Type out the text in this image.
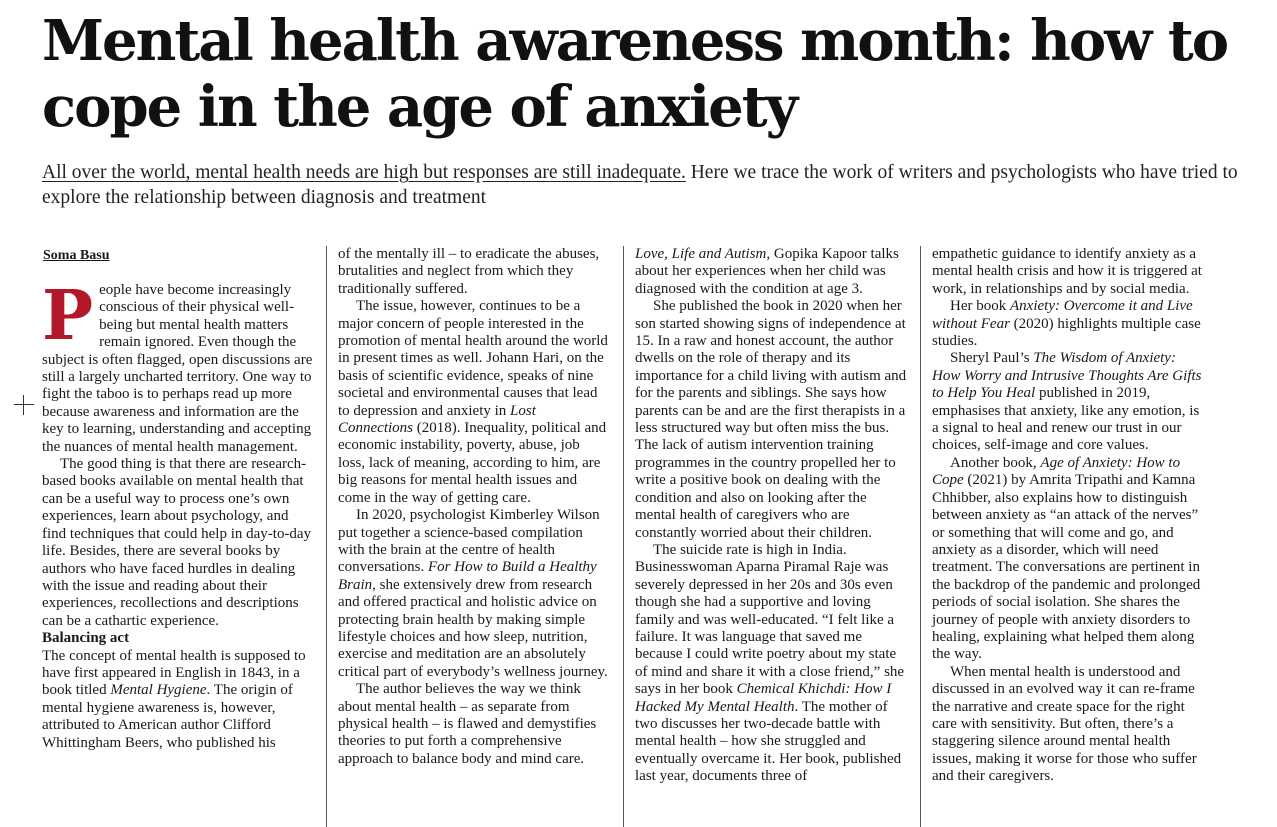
Mental health awareness month: how to cope in the age of anxiety

All over the world, mental health needs are high but responses are still inadequate. Here we trace the work of writers and psychologists who have tried to explore the relationship between diagnosis and treatment

Soma Basu

People have become increasingly conscious of their physical well-being but mental health matters remain ignored. Even though the subject is often flagged, open discussions are still a largely uncharted territory. One way to fight the taboo is to perhaps read up more because awareness and information are the key to learning, understanding and accepting the nuances of mental health management.

The good thing is that there are research-based books available on mental health that can be a useful way to process one’s own experiences, learn about psychology, and find techniques that could help in day-to-day life. Besides, there are several books by authors who have faced hurdles in dealing with the issue and reading about their experiences, recollections and descriptions can be a cathartic experience.

Balancing act

The concept of mental health is supposed to have first appeared in English in 1843, in a book titled Mental Hygiene. The origin of mental hygiene awareness is, however, attributed to American author Clifford Whittingham Beers, who published his

of the mentally ill – to eradicate the abuses, brutalities and neglect from which they traditionally suffered.

The issue, however, continues to be a major concern of people interested in the promotion of mental health around the world in present times as well. Johann Hari, on the basis of scientific evidence, speaks of nine societal and environmental causes that lead to depression and anxiety in Lost Connections (2018). Inequality, political and economic instability, poverty, abuse, job loss, lack of meaning, according to him, are big reasons for mental health issues and come in the way of getting care.

In 2020, psychologist Kimberley Wilson put together a science-based compilation with the brain at the centre of health conversations. For How to Build a Healthy Brain, she extensively drew from research and offered practical and holistic advice on protecting brain health by making simple lifestyle choices and how sleep, nutrition, exercise and meditation are an absolutely critical part of everybody’s wellness journey.

The author believes the way we think about mental health – as separate from physical health – is flawed and demystifies theories to put forth a comprehensive approach to balance body and mind care.

Love, Life and Autism, Gopika Kapoor talks about her experiences when her child was diagnosed with the condition at age 3.

She published the book in 2020 when her son started showing signs of independence at 15. In a raw and honest account, the author dwells on the role of therapy and its importance for a child living with autism and for the parents and siblings. She says how parents can be and are the first therapists in a less structured way but often miss the bus. The lack of autism intervention training programmes in the country propelled her to write a positive book on dealing with the condition and also on looking after the mental health of caregivers who are constantly worried about their children.

The suicide rate is high in India. Businesswoman Aparna Piramal Raje was severely depressed in her 20s and 30s even though she had a supportive and loving family and was well-educated. “I felt like a failure. It was language that saved me because I could write poetry about my state of mind and share it with a close friend,” she says in her book Chemical Khichdi: How I Hacked My Mental Health. The mother of two discusses her two-decade battle with mental health – how she struggled and eventually overcame it. Her book, published last year, documents three of

empathetic guidance to identify anxiety as a mental health crisis and how it is triggered at work, in relationships and by social media.

Her book Anxiety: Overcome it and Live without Fear (2020) highlights multiple case studies.

Sheryl Paul’s The Wisdom of Anxiety: How Worry and Intrusive Thoughts Are Gifts to Help You Heal published in 2019, emphasises that anxiety, like any emotion, is a signal to heal and renew our trust in our choices, self-image and core values.

Another book, Age of Anxiety: How to Cope (2021) by Amrita Tripathi and Kamna Chhibber, also explains how to distinguish between anxiety as “an attack of the nerves” or something that will come and go, and anxiety as a disorder, which will need treatment. The conversations are pertinent in the backdrop of the pandemic and prolonged periods of social isolation. She shares the journey of people with anxiety disorders to healing, explaining what helped them along the way.

When mental health is understood and discussed in an evolved way it can re-frame the narrative and create space for the right care with sensitivity. But often, there’s a staggering silence around mental health issues, making it worse for those who suffer and their caregivers.
